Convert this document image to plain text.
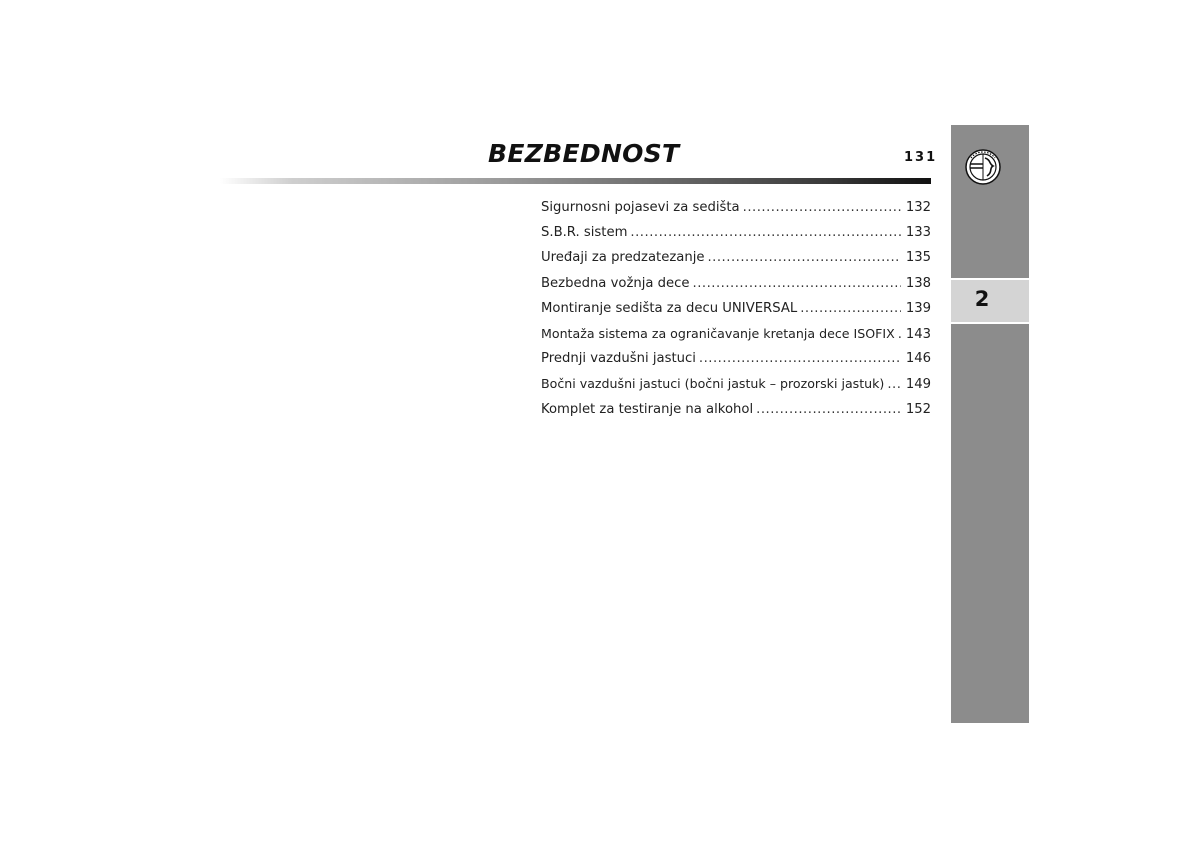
BEZBEDNOST	131
Sigurnosni pojasevi za sedišta .....	132
S.B.R. sistem .....	133
Uređaji za predzatezanje .....	135
Bezbedna vožnja dece .....	138
Montiranje sedišta za decu UNIVERSAL .....	139
Montaža sistema za ograničavanje kretanja dece ISOFIX ..... 143
Prednji vazdušni jastuci .....	146
Bočni vazdušni jastuci (bočni jastuk – prozorski jastuk) ..... 149
Komplet za testiranje na alkohol .....	152
2
